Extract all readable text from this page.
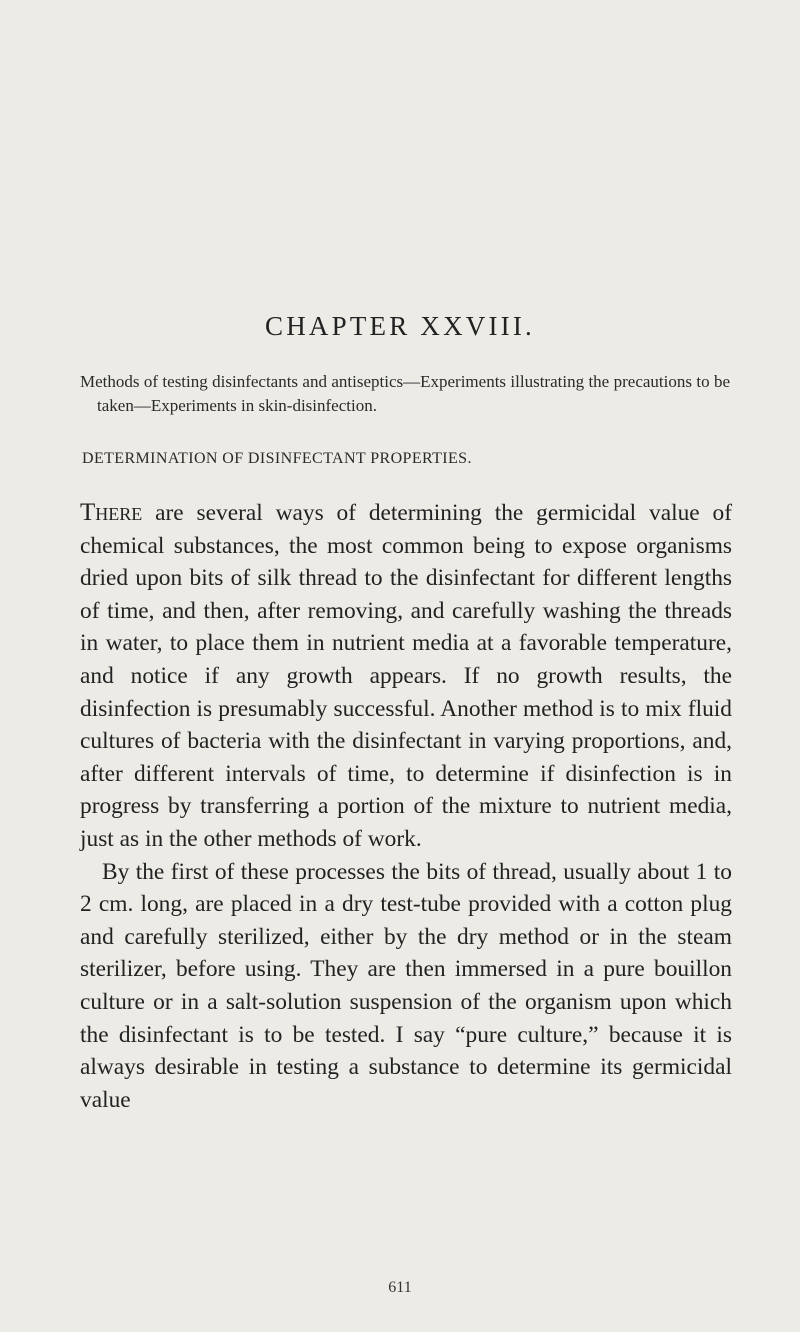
CHAPTER XXVIII.

Methods of testing disinfectants and antiseptics—Experiments illustrating the precautions to be taken—Experiments in skin-disinfection.

DETERMINATION OF DISINFECTANT PROPERTIES.

There are several ways of determining the germicidal value of chemical substances, the most common being to expose organisms dried upon bits of silk thread to the disinfectant for different lengths of time, and then, after removing, and carefully washing the threads in water, to place them in nutrient media at a favorable temperature, and notice if any growth appears. If no growth results, the disinfection is presumably successful. Another method is to mix fluid cultures of bacteria with the disinfectant in varying proportions, and, after different intervals of time, to determine if disinfection is in progress by transferring a portion of the mixture to nutrient media, just as in the other methods of work.

By the first of these processes the bits of thread, usually about 1 to 2 cm. long, are placed in a dry test-tube provided with a cotton plug and carefully sterilized, either by the dry method or in the steam sterilizer, before using. They are then immersed in a pure bouillon culture or in a salt-solution suspension of the organism upon which the disinfectant is to be tested. I say “pure culture,” because it is always desirable in testing a substance to determine its germicidal value

611
